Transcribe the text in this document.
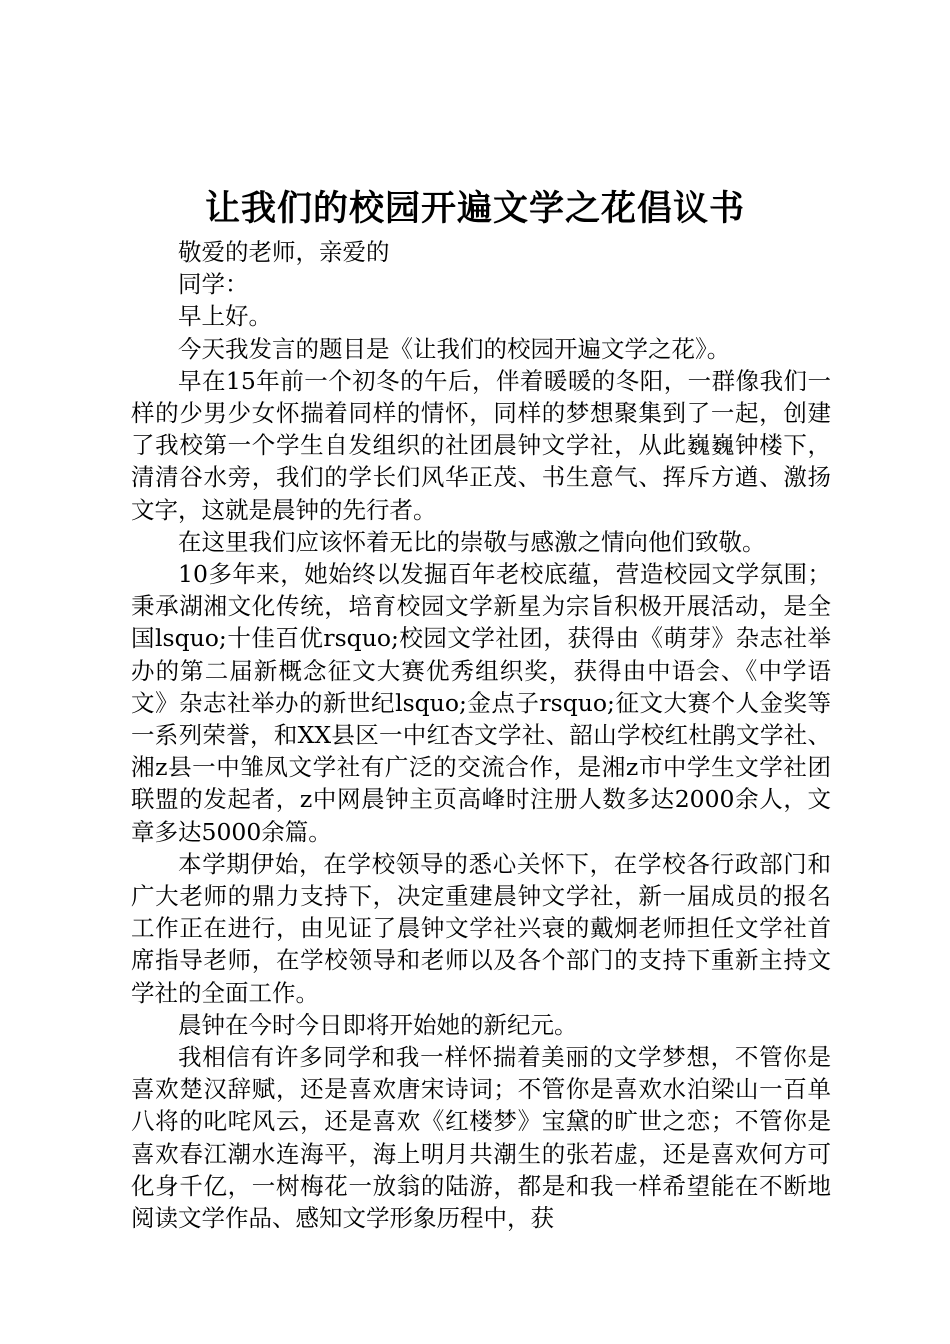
让我们的校园开遍文学之花倡议书

敬爱的老师，亲爱的

同学：

早上好。

今天我发言的题目是《让我们的校园开遍文学之花》。

早在15年前一个初冬的午后，伴着暖暖的冬阳，一群像我们一样的少男少女怀揣着同样的情怀，同样的梦想聚集到了一起，创建了我校第一个学生自发组织的社团晨钟文学社，从此巍巍钟楼下，清清谷水旁，我们的学长们风华正茂、书生意气、挥斥方遒、激扬文字，这就是晨钟的先行者。

在这里我们应该怀着无比的崇敬与感激之情向他们致敬。

10多年来，她始终以发掘百年老校底蕴，营造校园文学氛围；秉承湖湘文化传统，培育校园文学新星为宗旨积极开展活动，是全国lsquo;十佳百优rsquo;校园文学社团，获得由《萌芽》杂志社举办的第二届新概念征文大赛优秀组织奖，获得由中语会、《中学语文》杂志社举办的新世纪lsquo;金点子rsquo;征文大赛个人金奖等一系列荣誉，和XX县区一中红杏文学社、韶山学校红杜鹃文学社、湘z县一中雏凤文学社有广泛的交流合作，是湘z市中学生文学社团联盟的发起者，z中网晨钟主页高峰时注册人数多达2000余人，文章多达5000余篇。

本学期伊始，在学校领导的悉心关怀下，在学校各行政部门和广大老师的鼎力支持下，决定重建晨钟文学社，新一届成员的报名工作正在进行，由见证了晨钟文学社兴衰的戴炯老师担任文学社首席指导老师，在学校领导和老师以及各个部门的支持下重新主持文学社的全面工作。

晨钟在今时今日即将开始她的新纪元。

我相信有许多同学和我一样怀揣着美丽的文学梦想，不管你是喜欢楚汉辞赋，还是喜欢唐宋诗词；不管你是喜欢水泊梁山一百单八将的叱咤风云，还是喜欢《红楼梦》宝黛的旷世之恋；不管你是喜欢春江潮水连海平，海上明月共潮生的张若虚，还是喜欢何方可化身千亿，一树梅花一放翁的陆游，都是和我一样希望能在不断地阅读文学作品、感知文学形象历程中，获
